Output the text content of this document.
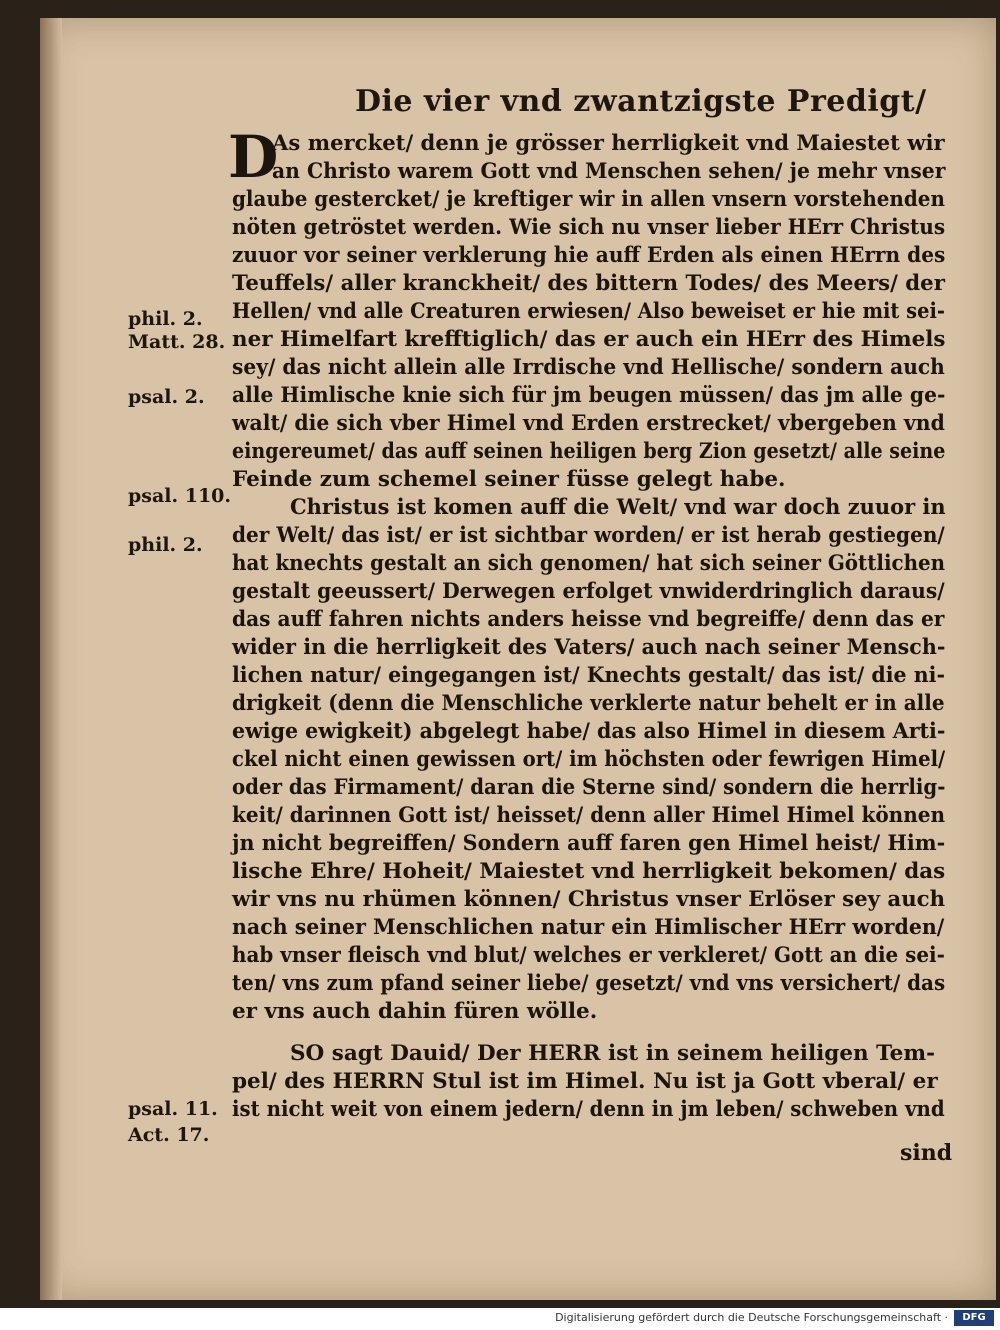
Die vier vnd zwantzigste Predigt/
D
phil. 2.
Matt. 28.
psal. 2.
psal. 110.
phil. 2.
psal. 11.
Act. 17.
As mercket/ denn je grösser herrligkeit vnd Maiestet wir
an Christo warem Gott vnd Menschen sehen/ je mehr vnser
glaube gestercket/ je kreftiger wir in allen vnsern vorstehenden
nöten getröstet werden. Wie sich nu vnser lieber HErr Christus
zuuor vor seiner verklerung hie auff Erden als einen HErrn des
Teuffels/ aller kranckheit/ des bittern Todes/ des Meers/ der
Hellen/ vnd alle Creaturen erwiesen/ Also beweiset er hie mit sei-
ner Himelfart krefftiglich/ das er auch ein HErr des Himels
sey/ das nicht allein alle Irrdische vnd Hellische/ sondern auch
alle Himlische knie sich für jm beugen müssen/ das jm alle ge-
walt/ die sich vber Himel vnd Erden erstrecket/ vbergeben vnd
eingereumet/ das auff seinen heiligen berg Zion gesetzt/ alle seine
Feinde zum schemel seiner füsse gelegt habe.
Christus ist komen auff die Welt/ vnd war doch zuuor in
der Welt/ das ist/ er ist sichtbar worden/ er ist herab gestiegen/
hat knechts gestalt an sich genomen/ hat sich seiner Göttlichen
gestalt geeussert/ Derwegen erfolget vnwiderdringlich daraus/
das auff fahren nichts anders heisse vnd begreiffe/ denn das er
wider in die herrligkeit des Vaters/ auch nach seiner Mensch-
lichen natur/ eingegangen ist/ Knechts gestalt/ das ist/ die ni-
drigkeit (denn die Menschliche verklerte natur behelt er in alle
ewige ewigkeit) abgelegt habe/ das also Himel in diesem Arti-
ckel nicht einen gewissen ort/ im höchsten oder fewrigen Himel/
oder das Firmament/ daran die Sterne sind/ sondern die herrlig-
keit/ darinnen Gott ist/ heisset/ denn aller Himel Himel können
jn nicht begreiffen/ Sondern auff faren gen Himel heist/ Him-
lische Ehre/ Hoheit/ Maiestet vnd herrligkeit bekomen/ das
wir vns nu rhümen können/ Christus vnser Erlöser sey auch
nach seiner Menschlichen natur ein Himlischer HErr worden/
hab vnser fleisch vnd blut/ welches er verkleret/ Gott an die sei-
ten/ vns zum pfand seiner liebe/ gesetzt/ vnd vns versichert/ das
er vns auch dahin füren wölle.
SO sagt Dauid/ Der HERR ist in seinem heiligen Tem-
pel/ des HERRN Stul ist im Himel. Nu ist ja Gott vberal/ er
ist nicht weit von einem jedern/ denn in jm leben/ schweben vnd
sind
Digitalisierung gefördert durch die Deutsche Forschungsgemeinschaft ·	DFG
